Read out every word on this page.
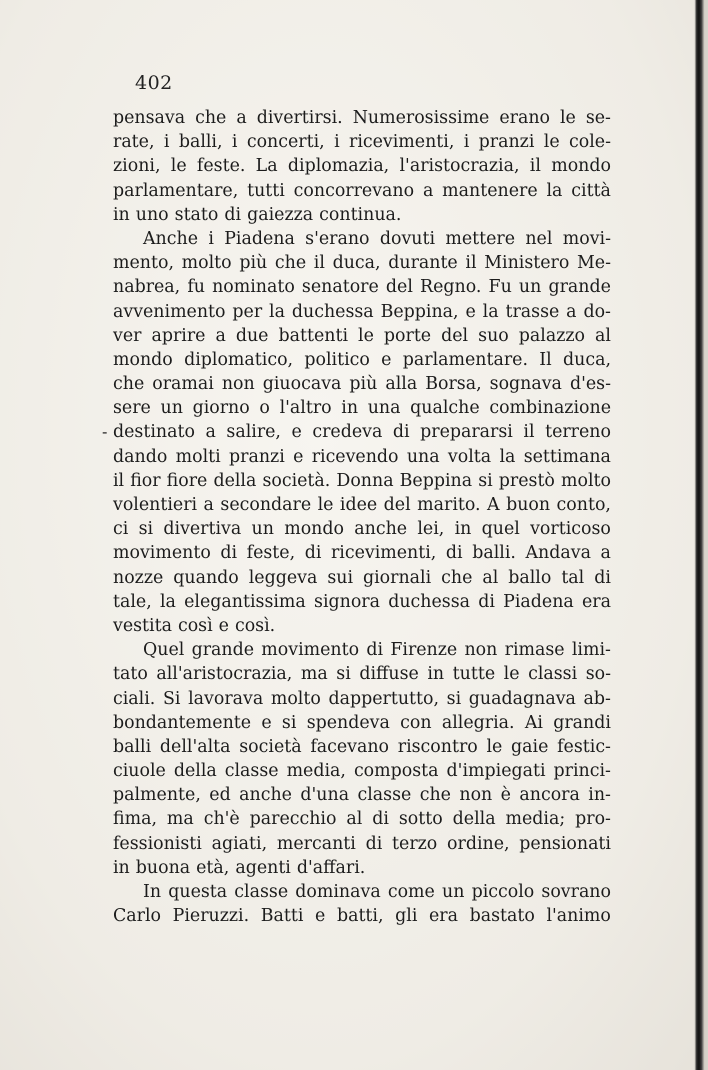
402
pensava che a divertirsi. Numerosissime erano le se-
rate, i balli, i concerti, i ricevimenti, i pranzi le cole-
zioni, le feste. La diplomazia, l'aristocrazia, il mondo
parlamentare, tutti concorrevano a mantenere la città
in uno stato di gaiezza continua.
Anche i Piadena s'erano dovuti mettere nel movi-
mento, molto più che il duca, durante il Ministero Me-
nabrea, fu nominato senatore del Regno. Fu un grande
avvenimento per la duchessa Beppina, e la trasse a do-
ver aprire a due battenti le porte del suo palazzo al
mondo diplomatico, politico e parlamentare. Il duca,
che oramai non giuocava più alla Borsa, sognava d'es-
sere un giorno o l'altro in una qualche combinazione
destinato a salire, e credeva di prepararsi il terreno
-
dando molti pranzi e ricevendo una volta la settimana
il fior fiore della società. Donna Beppina si prestò molto
volentieri a secondare le idee del marito. A buon conto,
ci si divertiva un mondo anche lei, in quel vorticoso
movimento di feste, di ricevimenti, di balli. Andava a
nozze quando leggeva sui giornali che al ballo tal di
tale, la elegantissima signora duchessa di Piadena era
vestita così e così.
Quel grande movimento di Firenze non rimase limi-
tato all'aristocrazia, ma si diffuse in tutte le classi so-
ciali. Si lavorava molto dappertutto, si guadagnava ab-
bondantemente e si spendeva con allegria. Ai grandi
balli dell'alta società facevano riscontro le gaie festic-
ciuole della classe media, composta d'impiegati princi-
palmente, ed anche d'una classe che non è ancora in-
fima, ma ch'è parecchio al di sotto della media; pro-
fessionisti agiati, mercanti di terzo ordine, pensionati
in buona età, agenti d'affari.
In questa classe dominava come un piccolo sovrano
Carlo Pieruzzi. Batti e batti, gli era bastato l'animo
